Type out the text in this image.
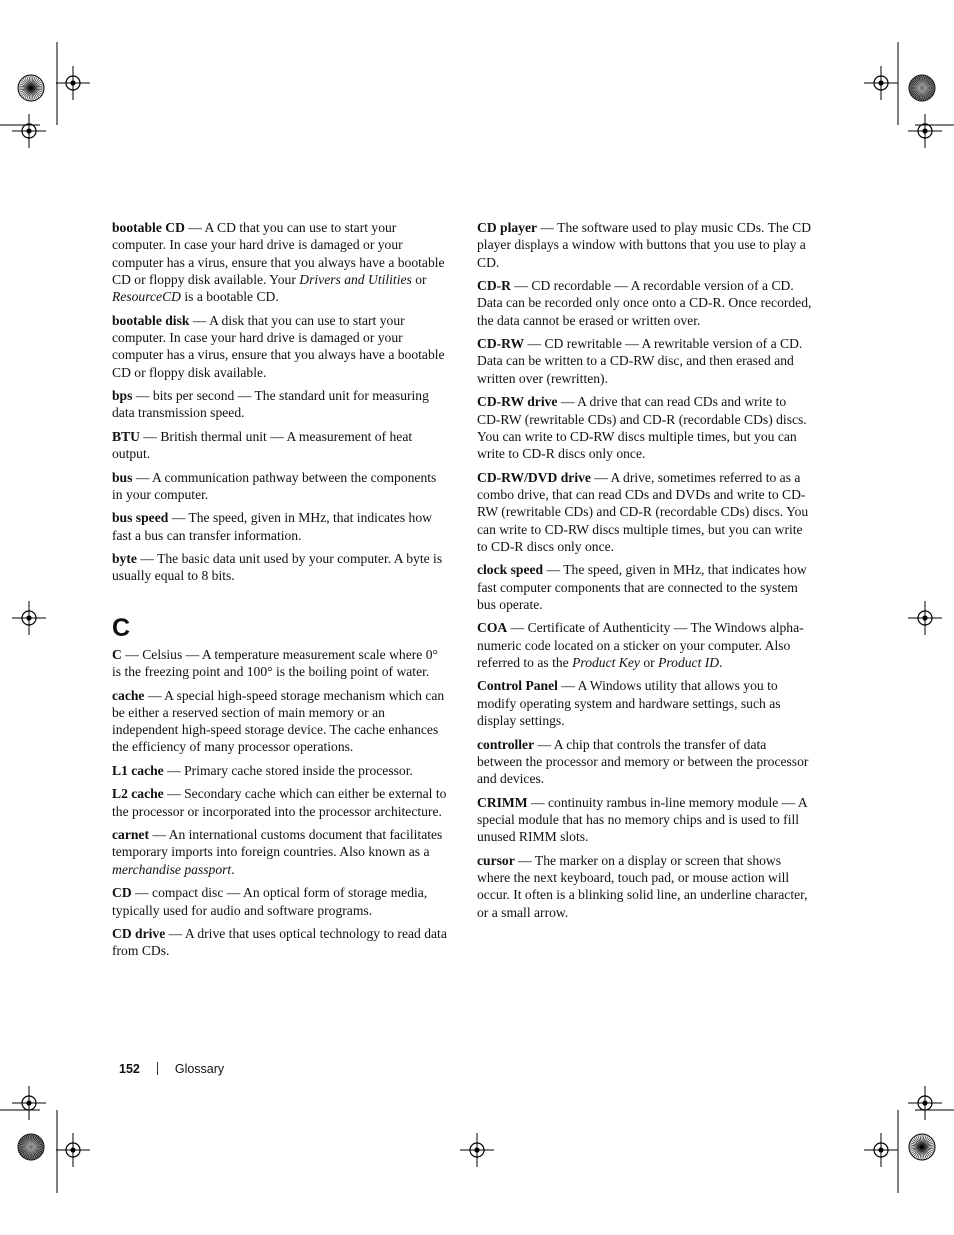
bootable CD — A CD that you can use to start your computer. In case your hard drive is damaged or your computer has a virus, ensure that you always have a bootable CD or floppy disk available. Your Drivers and Utilities or ResourceCD is a bootable CD.

bootable disk — A disk that you can use to start your computer. In case your hard drive is damaged or your computer has a virus, ensure that you always have a bootable CD or floppy disk available.

bps — bits per second — The standard unit for measuring data transmission speed.

BTU — British thermal unit — A measurement of heat output.

bus — A communication pathway between the components in your computer.

bus speed — The speed, given in MHz, that indicates how fast a bus can transfer information.

byte — The basic data unit used by your computer. A byte is usually equal to 8 bits.

C

C — Celsius — A temperature measurement scale where 0° is the freezing point and 100° is the boiling point of water.

cache — A special high-speed storage mechanism which can be either a reserved section of main memory or an independent high-speed storage device. The cache enhances the efficiency of many processor operations.

L1 cache — Primary cache stored inside the processor.

L2 cache — Secondary cache which can either be external to the processor or incorporated into the processor architecture.

carnet — An international customs document that facilitates temporary imports into foreign countries. Also known as a merchandise passport.

CD — compact disc — An optical form of storage media, typically used for audio and software programs.

CD drive — A drive that uses optical technology to read data from CDs.

CD player — The software used to play music CDs. The CD player displays a window with buttons that you use to play a CD.

CD-R — CD recordable — A recordable version of a CD. Data can be recorded only once onto a CD-R. Once recorded, the data cannot be erased or written over.

CD-RW — CD rewritable — A rewritable version of a CD. Data can be written to a CD-RW disc, and then erased and written over (rewritten).

CD-RW drive — A drive that can read CDs and write to CD-RW (rewritable CDs) and CD-R (recordable CDs) discs. You can write to CD-RW discs multiple times, but you can write to CD-R discs only once.

CD-RW/DVD drive — A drive, sometimes referred to as a combo drive, that can read CDs and DVDs and write to CD-RW (rewritable CDs) and CD-R (recordable CDs) discs. You can write to CD-RW discs multiple times, but you can write to CD-R discs only once.

clock speed — The speed, given in MHz, that indicates how fast computer components that are connected to the system bus operate.

COA — Certificate of Authenticity — The Windows alpha-numeric code located on a sticker on your computer. Also referred to as the Product Key or Product ID.

Control Panel — A Windows utility that allows you to modify operating system and hardware settings, such as display settings.

controller — A chip that controls the transfer of data between the processor and memory or between the processor and devices.

CRIMM — continuity rambus in-line memory module — A special module that has no memory chips and is used to fill unused RIMM slots.

cursor — The marker on a display or screen that shows where the next keyboard, touch pad, or mouse action will occur. It often is a blinking solid line, an underline character, or a small arrow.

152	Glossary
